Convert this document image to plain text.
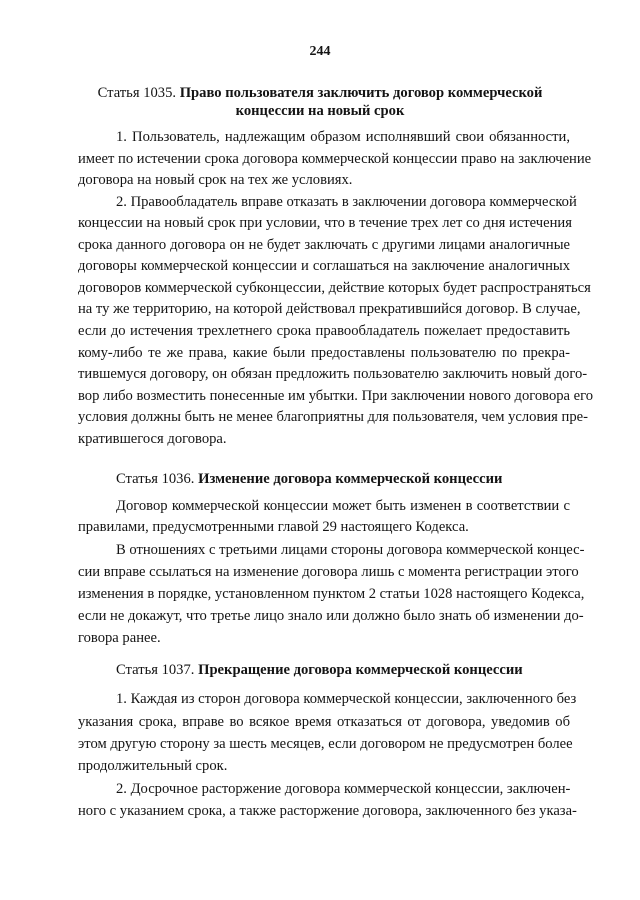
244
Статья 1035. Право пользователя заключить договор коммерческой
концессии на новый срок
1. Пользователь, надлежащим образом исполнявший свои обязанности,
имеет по истечении срока договора коммерческой концессии право на заключение
договора на новый срок на тех же условиях.
2. Правообладатель вправе отказать в заключении договора коммерческой
концессии на новый срок при условии, что в течение трех лет со дня истечения
срока данного договора он не будет заключать с другими лицами аналогичные
договоры коммерческой концессии и соглашаться на заключение аналогичных
договоров коммерческой субконцессии, действие которых будет распространяться
на ту же территорию, на которой действовал прекратившийся договор. В случае,
если до истечения трехлетнего срока правообладатель пожелает предоставить
кому-либо те же права, какие были предоставлены пользователю по прекра-
тившемуся договору, он обязан предложить пользователю заключить новый дого-
вор либо возместить понесенные им убытки. При заключении нового договора его
условия должны быть не менее благоприятны для пользователя, чем условия пре-
кратившегося договора.
Статья 1036. Изменение договора коммерческой концессии
Договор коммерческой концессии может быть изменен в соответствии с
правилами, предусмотренными главой 29 настоящего Кодекса.
В отношениях с третьими лицами стороны договора коммерческой концес-
сии вправе ссылаться на изменение договора лишь с момента регистрации этого
изменения в порядке, установленном пунктом 2 статьи 1028 настоящего Кодекса,
если не докажут, что третье лицо знало или должно было знать об изменении до-
говора ранее.
Статья 1037. Прекращение договора коммерческой концессии
1. Каждая из сторон договора коммерческой концессии, заключенного без
указания срока, вправе во всякое время отказаться от договора, уведомив об
этом другую сторону за шесть месяцев, если договором не предусмотрен более
продолжительный срок.
2. Досрочное расторжение договора коммерческой концессии, заключен-
ного с указанием срока, а также расторжение договора, заключенного без указа-
